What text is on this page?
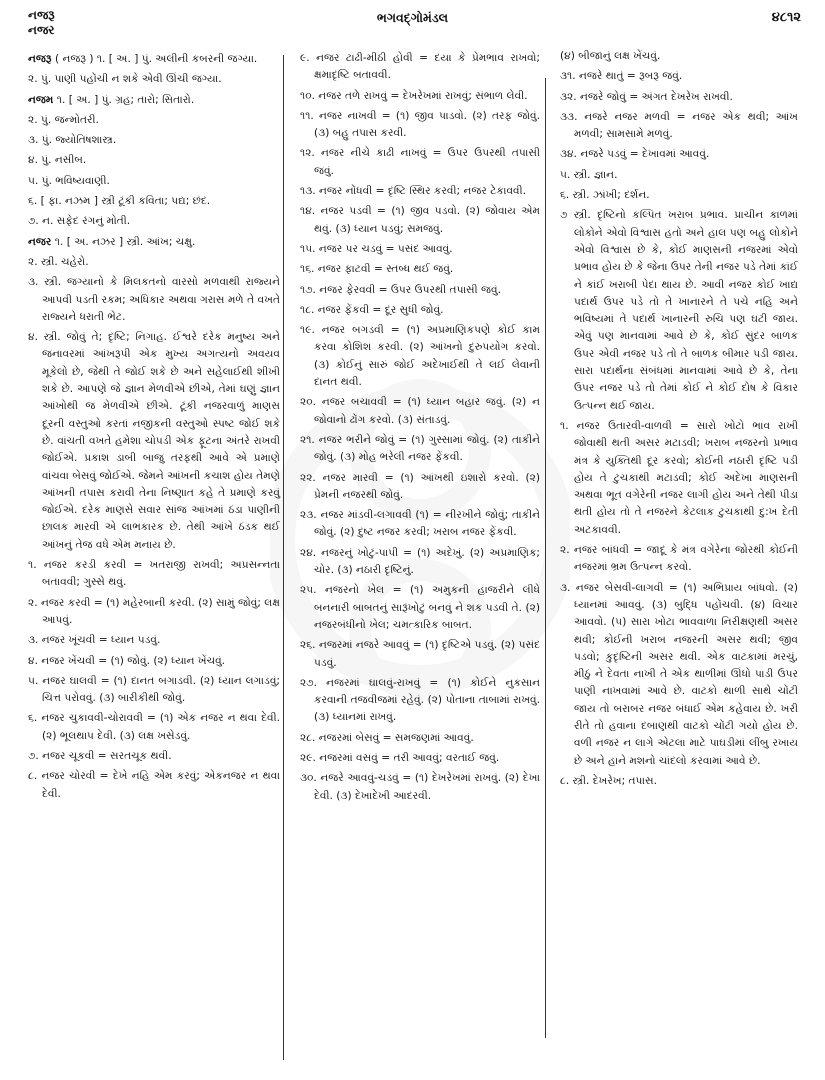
નજરૂ
નજર
ભગવદ્ગોમંડલ	૪૮૧૨
નજરૂ ( નજરૂ ) ૧. [ અ. ] પું. અલીની કબરની જગ્યા.
૨. પું. પાણી પહોંચી ન શકે એવી ઊંચી જગ્યા.
નજમ ૧. [ અ. ] પું. ગ્રહ; તારો; સિતારો.
૨. પું. જન્મોતરી.
૩. પું. જ્યોતિષશાસ્ત્ર.
૪. પું. નસીબ.
૫. પું. ભવિષ્યવાણી.
૬. [ ફા. નઝમ ] સ્ત્રી ટૂંકી કવિતા; પદ્ય; છંદ.
૭. ન. સફેદ રંગનું મોતી.
નજર ૧. [ અ. નઝર ] સ્ત્રી. આંખ; ચક્ષુ.
૨. સ્ત્રી. ચહેરો.
૩. સ્ત્રી. જગ્યાનો કે મિલકતનો વારસો મળવાથી રાજ્યને આપવી પડતી રકમ; અધિકાર અથવા ગરાસ મળે તે વખતે રાજ્યને ધરાતી ભેટ.
૪. સ્ત્રી. જોવું તે; દૃષ્ટિ; નિગાહ. ઈશ્વરે દરેક મનુષ્ય અને જનાવરમાં આંખરૂપી એક મુખ્ય અગત્યનો અવયવ મૂકેલો છે, જેથી તે જોઈ શકે છે અને સહેલાઈથી શીખી શકે છે. આપણે જે જ્ઞાન મેળવીએ છીએ, તેમાં ઘણું જ્ઞાન આંખોથી જ મેળવીએ છીએ. ટૂંકી નજરવાળું માણસ દૂરની વસ્તુઓ કરતાં નજીકની વસ્તુઓ સ્પષ્ટ જોઈ શકે છે. વાંચતી વખતે હમેશા ચોપડી એક ફૂટના અંતરે રાખવી જોઈએ. પ્રકાશ ડાબી બાજુ તરફથી આવે એ પ્રમાણે વાંચવા બેસવું જોઈએ. જેમને આંખની કચાશ હોય તેમણે આંખની તપાસ કરાવી તેના નિષ્ણાત કહે તે પ્રમાણે કરવું જોઈએ. દરેક માણસે સવાર સાંજ આંખમાં ઠંડા પાણીની છાલક મારવી એ લાભકારક છે. તેથી આંખે ઠંડક થઈ આંખનું તેજ વધે એમ મનાય છે.
૧. નજર કરડી કરવી = ખતરાજી રાખવી; અપ્રસન્નતા બતાવવી; ગુસ્સે થવું.
૨. નજર કરવી = (૧) મહેરબાની કરવી. (૨) સામું જોવું; લક્ષ આપવું.
૩. નજર ખૂંચવી = ધ્યાન પડવું.
૪. નજર ખેંચવી = (૧) જોવું. (૨) ધ્યાન ખેંચવું.
૫. નજર ઘાલવી = (૧) દાનત બગાડવી. (૨) ધ્યાન લગાડવું; ચિત્ત પરોવવું. (૩) બારીકીથી જોવું.
૬. નજર ચુકાવવી-ચોરાવવી = (૧) એક નજર ન થવા દેવી. (૨) ભૂલથાપ દેવી. (૩) લક્ષ ખસેડવું.
૭. નજર ચૂકવી = સરતચૂક થવી.
૮. નજર ચોરવી = દેખે નહિ એમ કરવું; એકનજર ન થવા દેવી.
૯. નજર ટાઢી-મીઠી હોવી = દયા કે પ્રેમભાવ રાખવો; ક્ષમાદૃષ્ટિ બતાવવી.
૧૦. નજર તળે રાખવું = દેખરેખમાં રાખવું; સંભાળ લેવી.
૧૧. નજર નાખવી = (૧) જીવ પાડવો. (૨) તરફ જોવું. (૩) બહુ તપાસ કરવી.
૧૨. નજર નીચે કાઢી નાખવું = ઉપર ઉપરથી તપાસી જવું.
૧૩. નજર નોંધવી = દૃષ્ટિ સ્થિર કરવી; નજર ટેકાવવી.
૧૪. નજર પડવી = (૧) જીવ પડવો. (૨) જોવાય એમ થવું. (૩) ધ્યાન પડવું; સમજવું.
૧૫. નજર પર ચડવું = પસંદ આવવું.
૧૬. નજર ફાટવી = સ્તબ્ધ થઈ જવું.
૧૭. નજર ફેરવવી = ઉપર ઉપરથી તપાસી જવું.
૧૮. નજર ફેંકવી = દૂર સુધી જોવું.
૧૯. નજર બગડવી = (૧) અપ્રમાણિકપણે કોઈ કામ કરવા કોશિશ કરવી. (૨) આંખનો દુરુપયોગ કરવો. (૩) કોઈનું સારું જોઈ અદેખાઈથી તે લઈ લેવાની દાનત થવી.
૨૦. નજર બચાવવી = (૧) ધ્યાન બહાર જવું. (૨) ન જોવાનો ઢોંગ કરવો. (૩) સંતાડવું.
૨૧. નજર ભરીને જોવું = (૧) ગુસ્સામાં જોવું. (૨) તાકીને જોવું. (૩) મોહ ભરેલી નજર ફેંકવી.
૨૨. નજર મારવી = (૧) આંખથી ઇશારો કરવો. (૨) પ્રેમની નજરથી જોવું.
૨૩. નજર માંડવી-લગાવવી (૧) = નીરખીને જોવું; તાકીને જોવું. (૨) દુષ્ટ નજર કરવી; ખરાબ નજર ફેંકવી.
૨૪. નજરનું ખોટું-પાપી = (૧) અદેખું. (૨) અપ્રમાણિક; ચોર. (૩) નઠારી દૃષ્ટિનું.
૨૫. નજરનો ખેલ = (૧) અમુકની હાજરીને લીધે બનનારી બાબતનું સારૂંખોટું બનવું ને શક પડવી તે. (૨) નજરબંધીનો ખેલ; ચમત્કારિક બાબત.
૨૬. નજરમાં નજરે આવવું = (૧) દૃષ્ટિએ પડવું. (૨) પસંદ પડવું.
૨૭. નજરમાં ઘાલવું-રાખવું = (૧) કોઈને નુકસાન કરવાની તજવીજમાં રહેવું. (૨) પોતાના તાબામાં રાખવું. (૩) ધ્યાનમાં રાખવું.
૨૮. નજરમાં બેસવું = સમજણમાં આવવું.
૨૯. નજરમાં વસવું = તરી આવવું; વરતાઈ જવું.
૩૦. નજરે આવવું-ચડવું = (૧) દેખરેખમાં રાખવું. (૨) દેખા દેવી. (૩) દેખાદેખી આદરવી.
(૪) બીજાનું લક્ષ ખેંચવું.
૩૧. નજરે થાતું = રૂબરૂ જવું.
૩૨. નજરે જોવું = અંગત દેખરેખ રાખવી.
૩૩. નજરે નજર મળવી = નજર એક થવી; આંખ મળવી; સામસામે મળવું.
૩૪. નજરે પડવું = દેખાવમાં આવવું.
૫. સ્ત્રી. જ્ઞાન.
૬. સ્ત્રી. ઝાંખી; દર્શન.
૭ સ્ત્રી. દૃષ્ટિનો કલ્પિત ખરાબ પ્રભાવ. પ્રાચીન કાળમાં લોકોને એવો વિશ્વાસ હતો અને હાલ પણ બહુ લોકોને એવો વિશ્વાસ છે કે, કોઈ માણસની નજરમાં એવો પ્રભાવ હોય છે કે જેના ઉપર તેની નજર પડે તેમાં કાંઈ ને કાંઈ ખરાબી પેદા થાય છે. આવી નજર કોઈ ખાદ્ય પદાર્થ ઉપર પડે તો તે ખાનારને તે પચે નહિ અને ભવિષ્યમાં તે પદાર્થ ખાનારની રુચિ પણ ઘટી જાય. એવું પણ માનવામાં આવે છે કે, કોઈ સુંદર બાળક ઉપર એવી નજર પડે તો તે બાળક બીમાર પડી જાય. સારા પદાર્થના સંબંધમાં માનવામાં આવે છે કે, તેના ઉપર નજર પડે તો તેમાં કોઈ ને કોઈ દોષ કે વિકાર ઉત્પન્ન થઈ જાય.
૧. નજર ઉતારવી-વાળવી = સારો ખોટો ભાવ રાખી જોવાથી થતી અસર મટાડવી; ખરાબ નજરનો પ્રભાવ મંત્ર કે યુક્તિથી દૂર કરવો; કોઈની નઠારી દૃષ્ટિ પડી હોય તે ટુચકાથી મટાડવી; કોઈ અદેખા માણસની અથવા ભૂત વગેરેની નજર લાગી હોય અને તેથી પીડા થતી હોય તો તે નજરને કેટલાક ટુચકાથી દુ:ખ દેતી અટકાવવી.
૨. નજર બાંધવી = જાદૂ કે મંત્ર વગેરેના જોરથી કોઈની નજરમાં ભ્રમ ઉત્પન્ન કરવો.
૩. નજર બેસવી-લાગવી = (૧) અભિપ્રાય બાંધવો. (૨) ધ્યાનમાં આવવું. (૩) બુદ્ધિ પહોંચવી. (૪) વિચાર આવવો. (૫) સારા ખોટા ભાવવાળા નિરીક્ષણથી અસર થવી; કોઈની ખરાબ નજરની અસર થવી; જીવ પડવો; કુદૃષ્ટિની અસર થવી. એક વાટકામાં મરચું, મીઠું ને દેવતા નાખી તે એક થાળીમાં ઊંધો પાડી ઉપર પાણી નાખવામાં આવે છે. વાટકો થાળી સાથે ચોંટી જાય તો બરાબર નજર બંધાઈ એમ કહેવાય છે. ખરી રીતે તો હવાના દબાણથી વાટકો ચોંટી ગયો હોય છે. વળી નજર ન લાગે એટલા માટે પાઘડીમાં લીંબુ રખાય છે અને હાને મશનો ચાંદલો કરવામાં આવે છે.
૮. સ્ત્રી. દેખરેખ; તપાસ.
